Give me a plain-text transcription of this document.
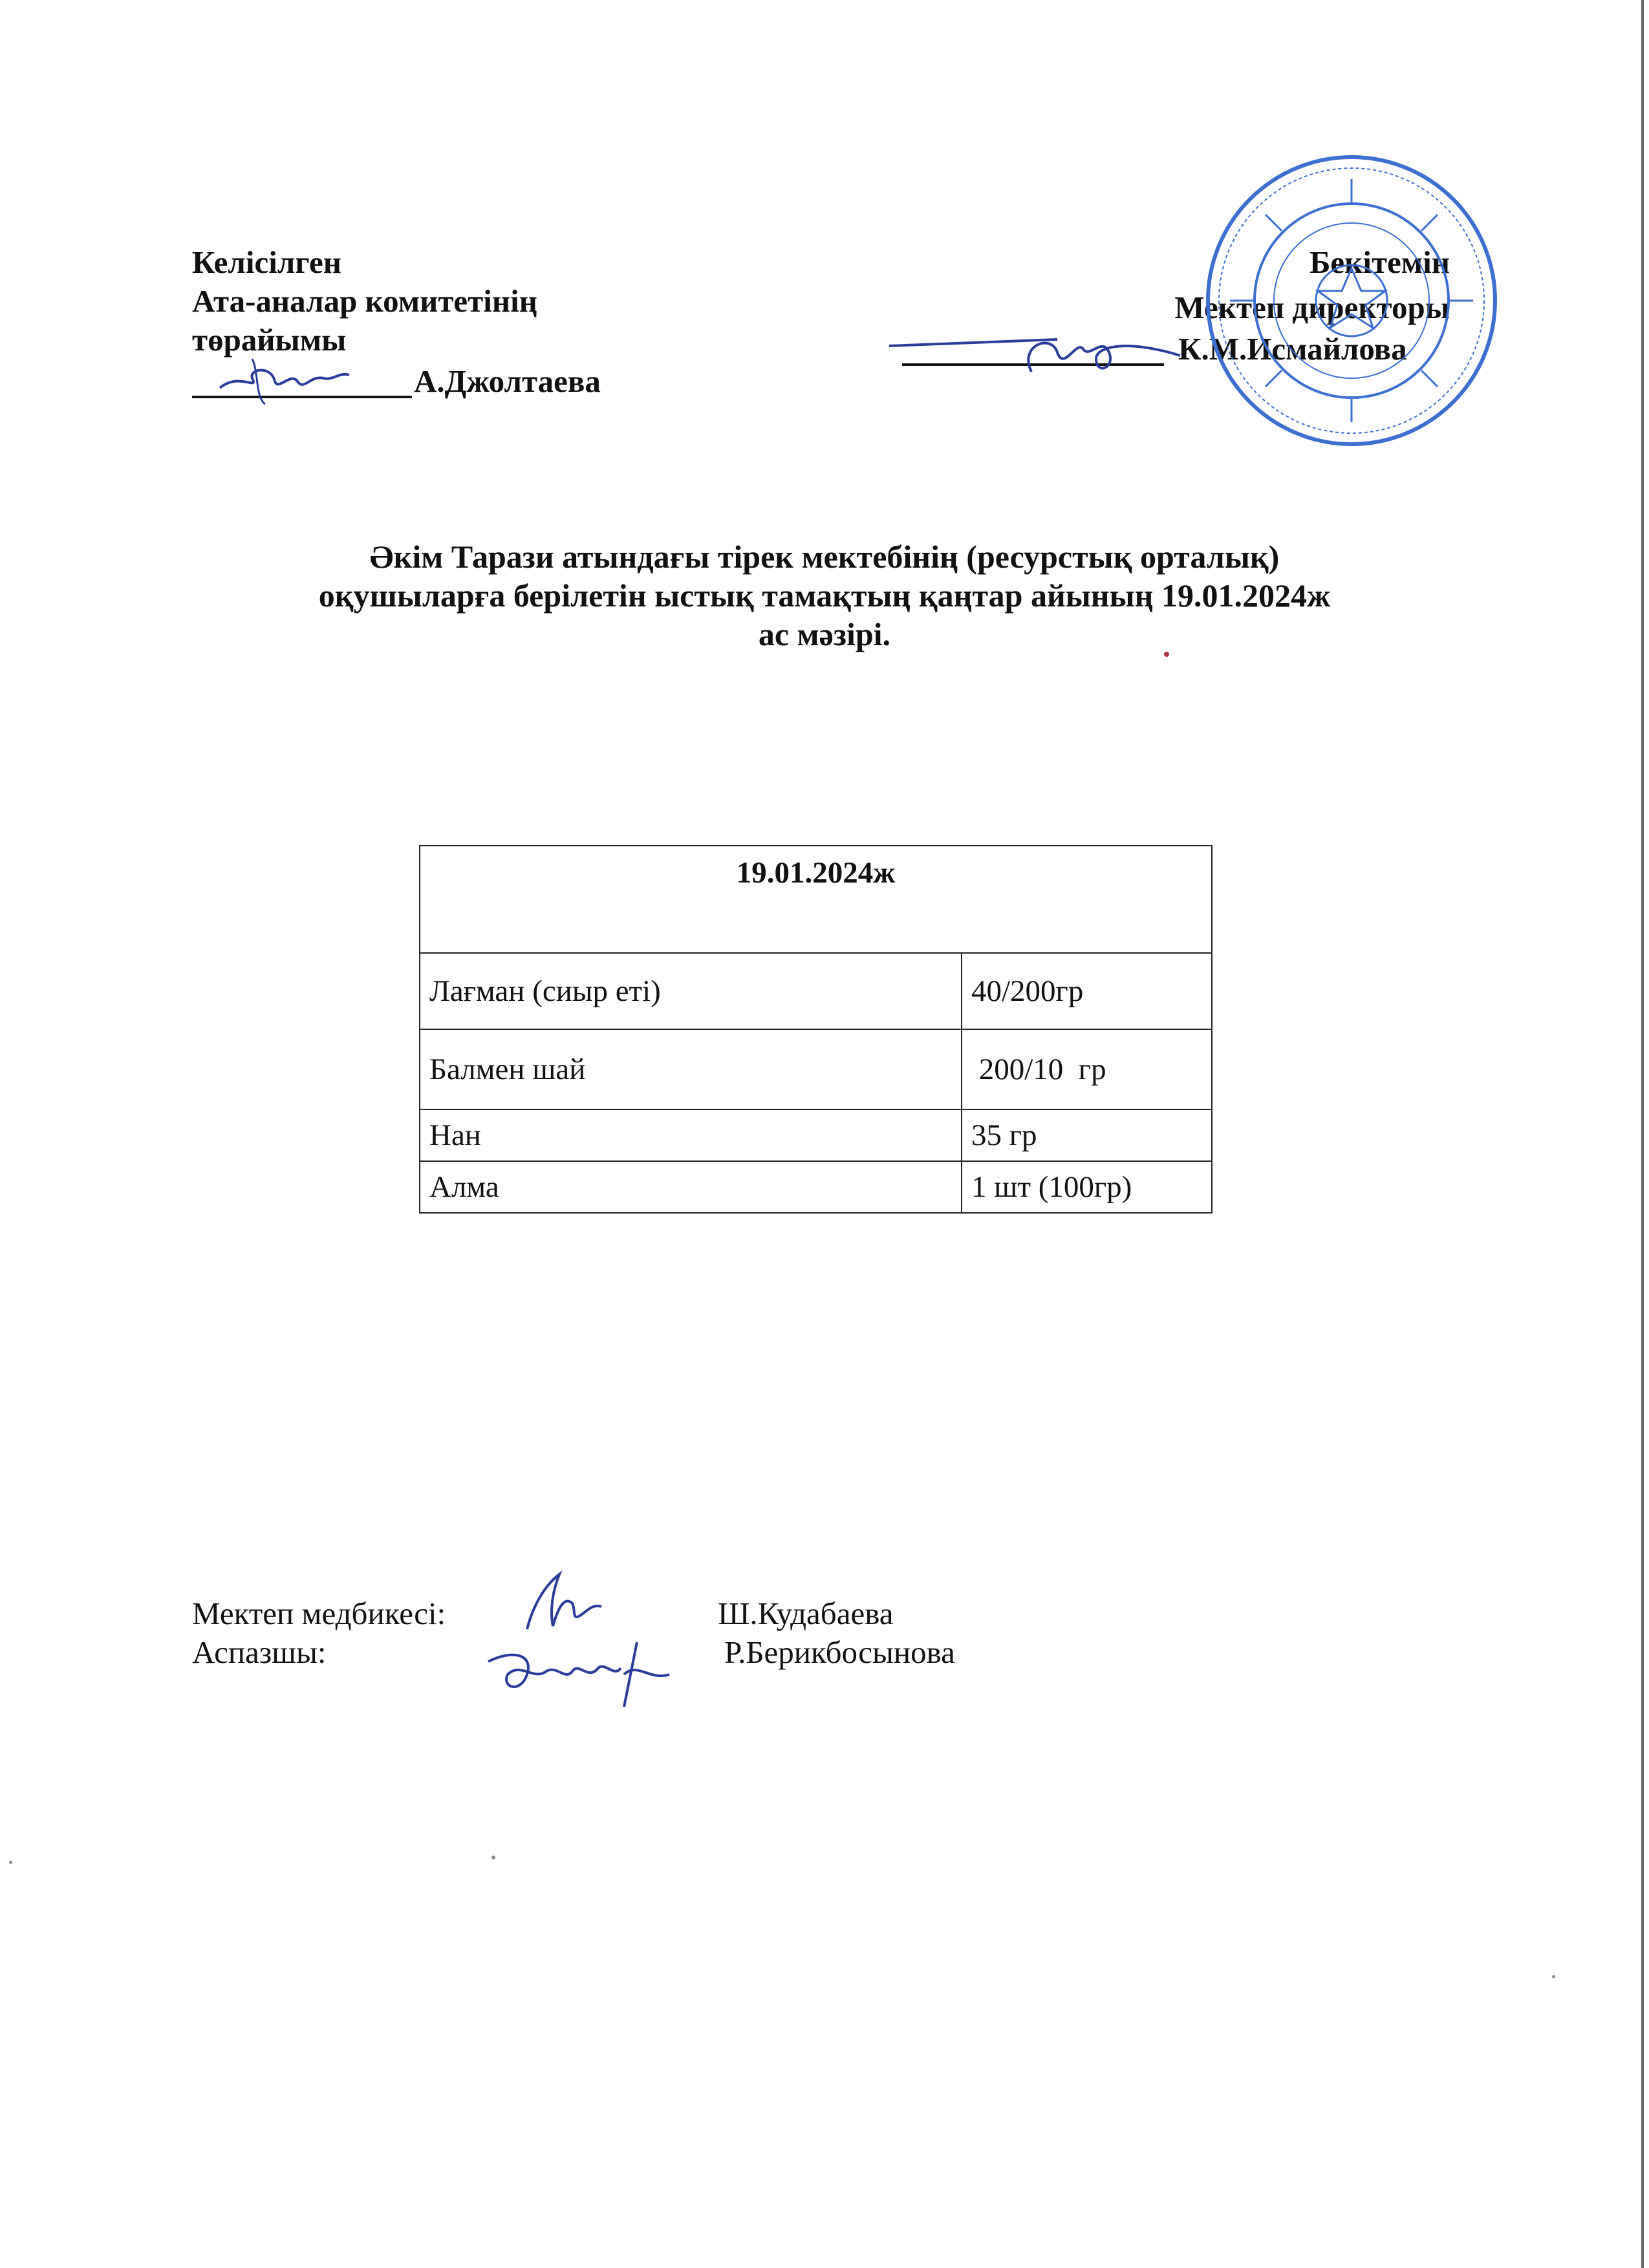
Келісілген
Ата-аналар комитетінің
төрайымы
А.Джолтаева
Бекітемін
Мектеп директоры
К.М.Исмайлова
Әкім Тарази атындағы тірек мектебінің (ресурстық орталық)
оқушыларға берілетін ыстық тамақтың қаңтар айының 19.01.2024ж
ас мәзірі.
19.01.2024ж	
Лағман (сиыр еті)	40/200гр
Балмен шай	200/10  гр
Нан	35 гр
Алма	1 шт (100гр)
Мектеп медбикесі:	Ш.Кудабаева
Аспазшы:	Р.Берикбосынова
